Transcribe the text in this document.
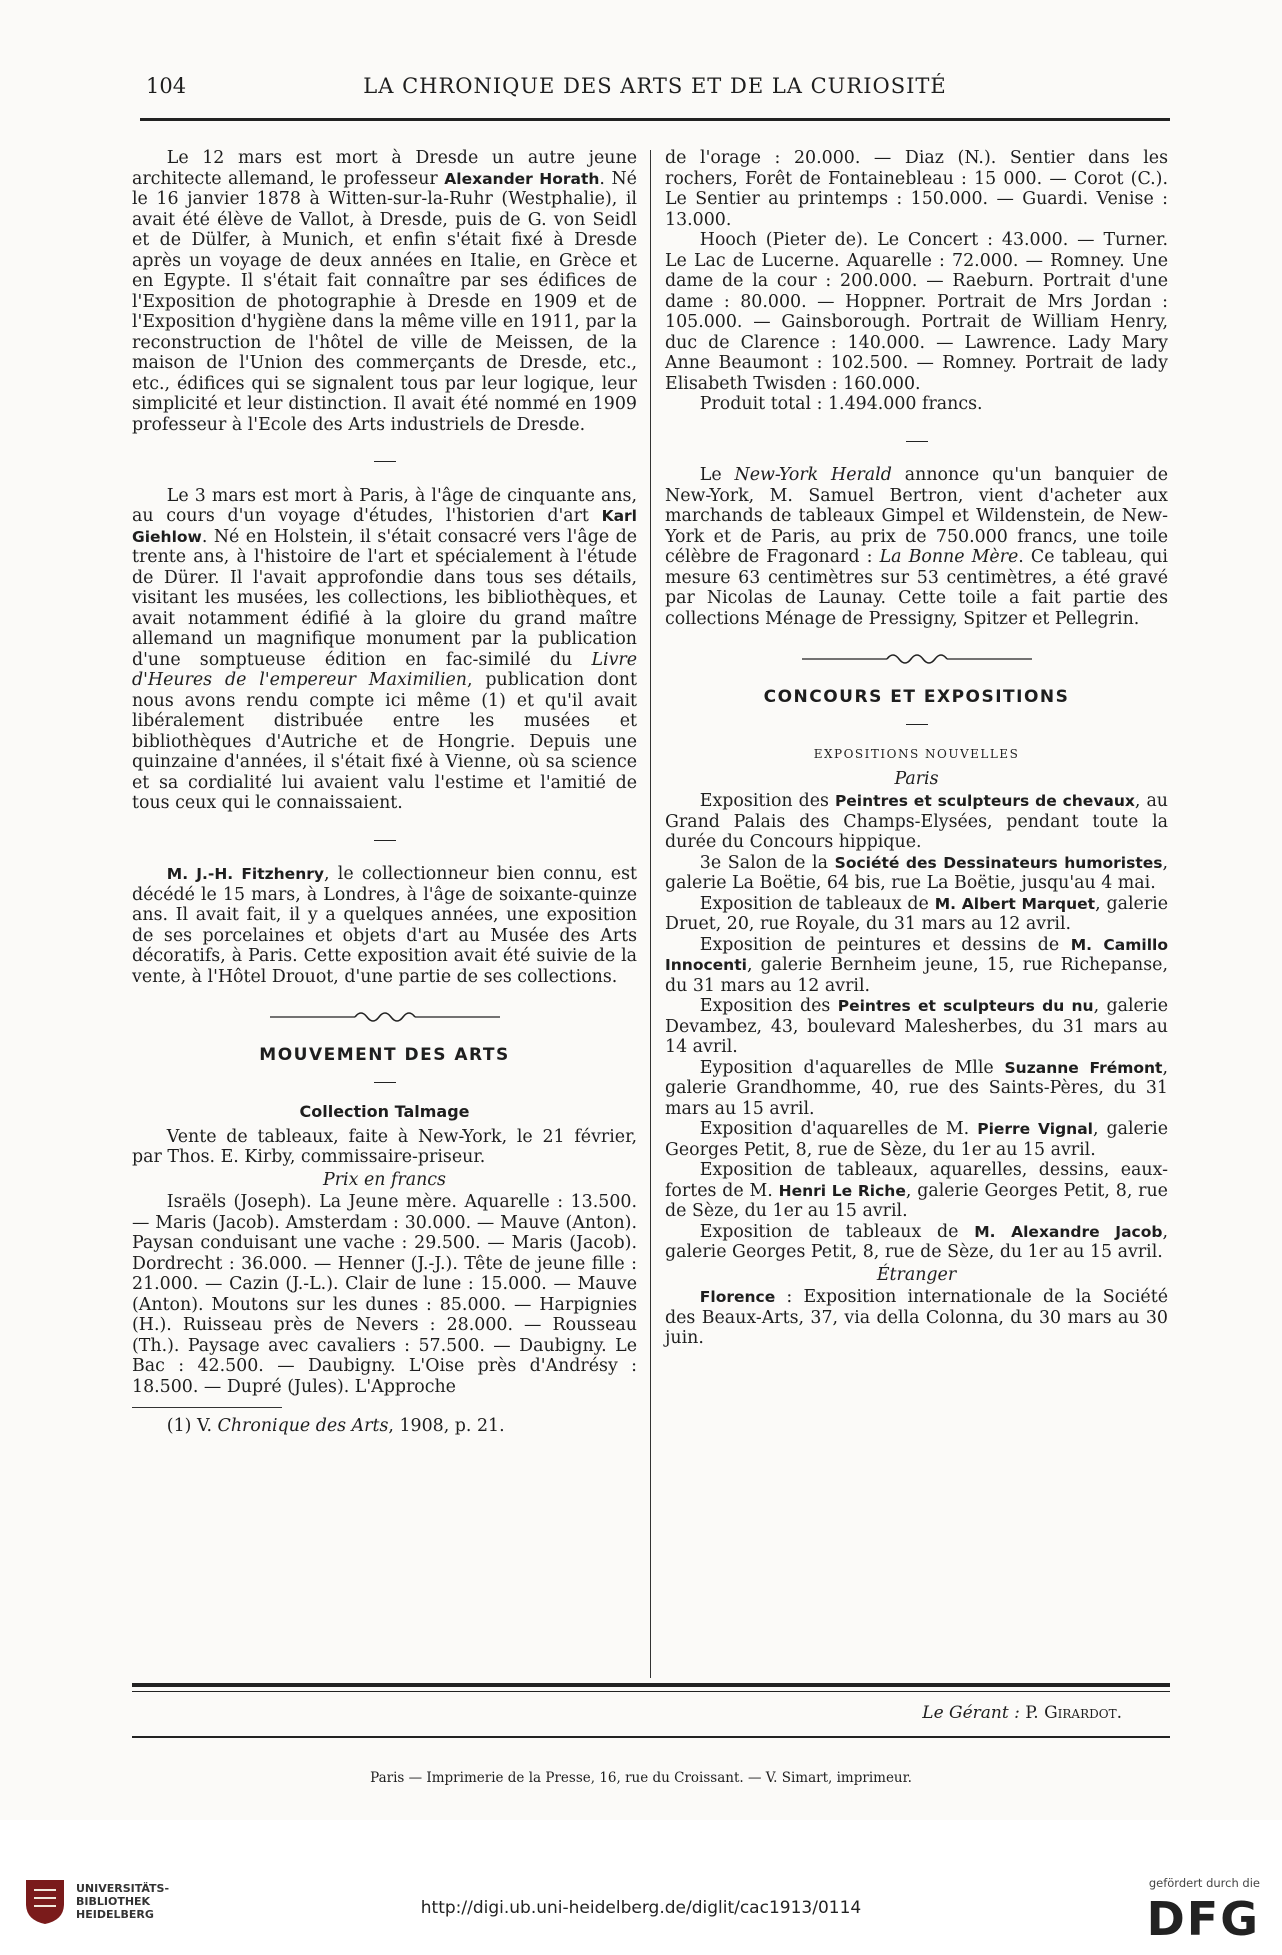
104	LA CHRONIQUE DES ARTS ET DE LA CURIOSITÉ

Le 12 mars est mort à Dresde un autre jeune architecte allemand, le professeur Alexander Horath. Né le 16 janvier 1878 à Witten-sur-la-Ruhr (Westphalie), il avait été élève de Vallot, à Dresde, puis de G. von Seidl et de Dülfer, à Munich, et enfin s'était fixé à Dresde après un voyage de deux années en Italie, en Grèce et en Egypte. Il s'était fait connaître par ses édifices de l'Exposition de photographie à Dresde en 1909 et de l'Exposition d'hygiène dans la même ville en 1911, par la reconstruction de l'hôtel de ville de Meissen, de la maison de l'Union des commerçants de Dresde, etc., etc., édifices qui se signalent tous par leur logique, leur simplicité et leur distinction. Il avait été nommé en 1909 professeur à l'Ecole des Arts industriels de Dresde.

Le 3 mars est mort à Paris, à l'âge de cinquante ans, au cours d'un voyage d'études, l'historien d'art Karl Giehlow. Né en Holstein, il s'était consacré vers l'âge de trente ans, à l'histoire de l'art et spécialement à l'étude de Dürer. Il l'avait approfondie dans tous ses détails, visitant les musées, les collections, les bibliothèques, et avait notamment édifié à la gloire du grand maître allemand un magnifique monument par la publication d'une somptueuse édition en fac-similé du Livre d'Heures de l'empereur Maximilien, publication dont nous avons rendu compte ici même (1) et qu'il avait libéralement distribuée entre les musées et bibliothèques d'Autriche et de Hongrie. Depuis une quinzaine d'années, il s'était fixé à Vienne, où sa science et sa cordialité lui avaient valu l'estime et l'amitié de tous ceux qui le connaissaient.

M. J.-H. Fitzhenry, le collectionneur bien connu, est décédé le 15 mars, à Londres, à l'âge de soixante-quinze ans. Il avait fait, il y a quelques années, une exposition de ses porcelaines et objets d'art au Musée des Arts décoratifs, à Paris. Cette exposition avait été suivie de la vente, à l'Hôtel Drouot, d'une partie de ses collections.

MOUVEMENT DES ARTS
Collection Talmage

Vente de tableaux, faite à New-York, le 21 février, par Thos. E. Kirby, commissaire-priseur.

Prix en francs

Israëls (Joseph). La Jeune mère. Aquarelle : 13.500. — Maris (Jacob). Amsterdam : 30.000. — Mauve (Anton). Paysan conduisant une vache : 29.500. — Maris (Jacob). Dordrecht : 36.000. — Henner (J.-J.). Tête de jeune fille : 21.000. — Cazin (J.-L.). Clair de lune : 15.000. — Mauve (Anton). Moutons sur les dunes : 85.000. — Harpignies (H.). Ruisseau près de Nevers : 28.000. — Rousseau (Th.). Paysage avec cavaliers : 57.500. — Daubigny. Le Bac : 42.500. — Daubigny. L'Oise près d'Andrésy : 18.500. — Dupré (Jules). L'Approche

(1) V. Chronique des Arts, 1908, p. 21.

de l'orage : 20.000. — Diaz (N.). Sentier dans les rochers, Forêt de Fontainebleau : 15 000. — Corot (C.). Le Sentier au printemps : 150.000. — Guardi. Venise : 13.000.

Hooch (Pieter de). Le Concert : 43.000. — Turner. Le Lac de Lucerne. Aquarelle : 72.000. — Romney. Une dame de la cour : 200.000. — Raeburn. Portrait d'une dame : 80.000. — Hoppner. Portrait de Mrs Jordan : 105.000. — Gainsborough. Portrait de William Henry, duc de Clarence : 140.000. — Lawrence. Lady Mary Anne Beaumont : 102.500. — Romney. Portrait de lady Elisabeth Twisden : 160.000.

Produit total : 1.494.000 francs.

Le New-York Herald annonce qu'un banquier de New-York, M. Samuel Bertron, vient d'acheter aux marchands de tableaux Gimpel et Wildenstein, de New-York et de Paris, au prix de 750.000 francs, une toile célèbre de Fragonard : La Bonne Mère. Ce tableau, qui mesure 63 centimètres sur 53 centimètres, a été gravé par Nicolas de Launay. Cette toile a fait partie des collections Ménage de Pressigny, Spitzer et Pellegrin.

CONCOURS ET EXPOSITIONS
EXPOSITIONS NOUVELLES
Paris

Exposition des Peintres et sculpteurs de chevaux, au Grand Palais des Champs-Elysées, pendant toute la durée du Concours hippique.

3e Salon de la Société des Dessinateurs humoristes, galerie La Boëtie, 64 bis, rue La Boëtie, jusqu'au 4 mai.

Exposition de tableaux de M. Albert Marquet, galerie Druet, 20, rue Royale, du 31 mars au 12 avril.

Exposition de peintures et dessins de M. Camillo Innocenti, galerie Bernheim jeune, 15, rue Richepanse, du 31 mars au 12 avril.

Exposition des Peintres et sculpteurs du nu, galerie Devambez, 43, boulevard Malesherbes, du 31 mars au 14 avril.

Eyposition d'aquarelles de Mlle Suzanne Frémont, galerie Grandhomme, 40, rue des Saints-Pères, du 31 mars au 15 avril.

Exposition d'aquarelles de M. Pierre Vignal, galerie Georges Petit, 8, rue de Sèze, du 1er au 15 avril.

Exposition de tableaux, aquarelles, dessins, eaux-fortes de M. Henri Le Riche, galerie Georges Petit, 8, rue de Sèze, du 1er au 15 avril.

Exposition de tableaux de M. Alexandre Jacob, galerie Georges Petit, 8, rue de Sèze, du 1er au 15 avril.

Étranger

Florence : Exposition internationale de la Société des Beaux-Arts, 37, via della Colonna, du 30 mars au 30 juin.

Le Gérant : P. Girardot.
Paris — Imprimerie de la Presse, 16, rue du Croissant. — V. Simart, imprimeur.
UNIVERSITÄTS-
BIBLIOTHEK
HEIDELBERG	http://digi.ub.uni-heidelberg.de/diglit/cac1913/0114
gefördert durch die
DFG
